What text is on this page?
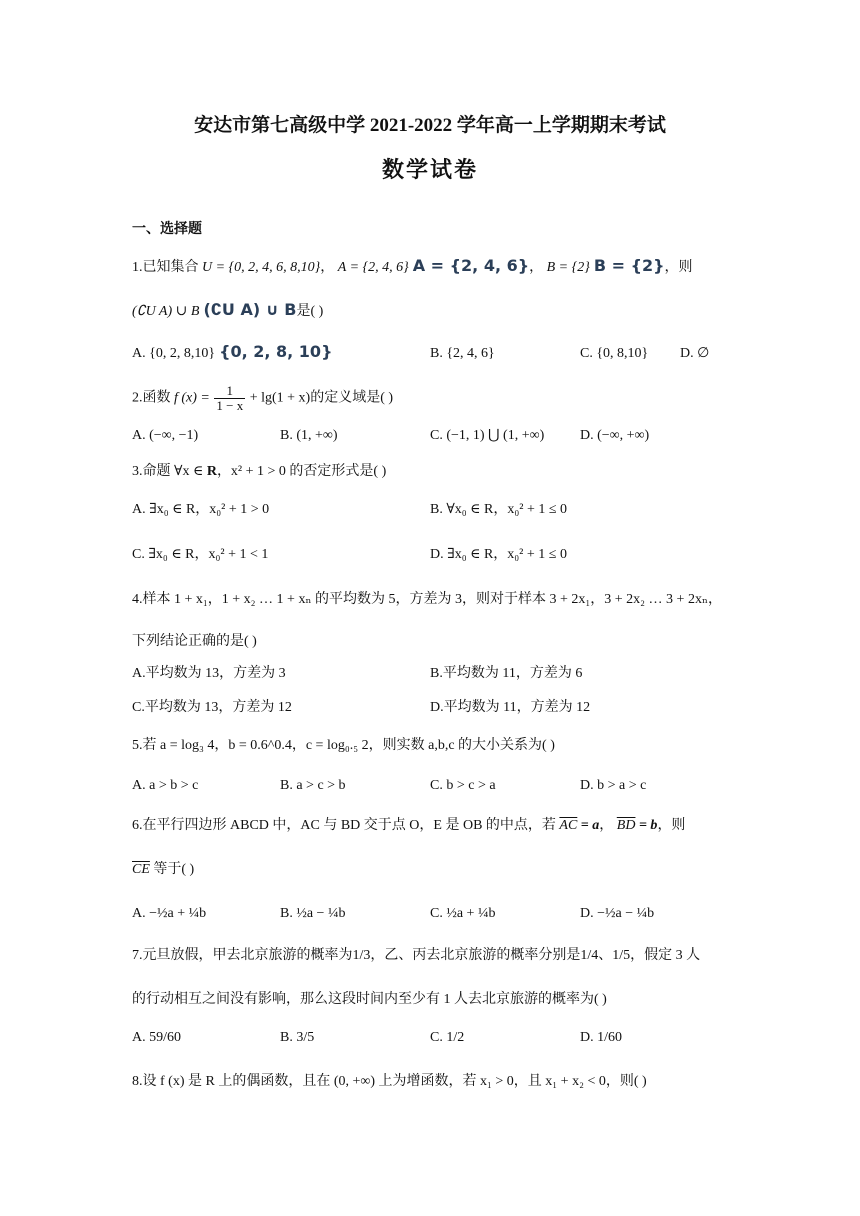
安达市第七高级中学 2021-2022 学年高一上学期期末考试
数学试卷
一、选择题
1.已知集合 U = {0, 2, 4, 6, 8,10}， A = {2, 4, 6} A = {2, 4, 6}， B = {2} B = {2}，则
(∁U A) ∪ B (∁U A) ∪ B是( )
A. {0, 2, 8,10} {0, 2, 8, 10}	B. {2, 4, 6}	C. {0, 8,10} D. ∅
2.函数 f $(x) = \frac{1}{1 - x} + \lg(1 + x)$的定义域是( )
A. (−∞, −1)	B. (1, +∞)	C. (−1, 1) ⋃ (1, +∞)	D. (−∞, +∞)
3.命题 ∀x ∈ R，x² + 1 > 0 的否定形式是( )
A. ∃x₀ ∈ R，x₀² + 1 > 0	B. ∀x₀ ∈ R，x₀² + 1 ≤ 0
C. ∃x₀ ∈ R，x₀² + 1 < 1	D. ∃x₀ ∈ R，x₀² + 1 ≤ 0
4.样本 1 + x₁，1 + x₂ … 1 + xₙ 的平均数为 5，方差为 3，则对于样本 3 + 2x₁，3 + 2x₂ … 3 + 2xₙ，
下列结论正确的是( )
A.平均数为 13，方差为 3	B.平均数为 11，方差为 6
C.平均数为 13，方差为 12	D.平均数为 11，方差为 12
5.若 a = log₃ 4，b = 0.6^0.4，c = log₀.₅ 2，则实数 a,b,c 的大小关系为( )
A. a > b > c	B. a > c > b	C. b > c > a	D. b > a > c
6.在平行四边形 ABCD 中，AC 与 BD 交于点 O，E 是 OB 的中点，若 $\overline{AC} = a$， $\overline{BD} = b$，则
$\overline{CE}$ 等于( )
A. −½a + ¼b	B. ½a − ¼b	C. ½a + ¼b	D. −½a − ¼b
7.元旦放假，甲去北京旅游的概率为1/3，乙、丙去北京旅游的概率分别是1/4、1/5，假定 3 人
的行动相互之间没有影响，那么这段时间内至少有 1 人去北京旅游的概率为( )
A. 59/60	B. 3/5	C. 1/2	D. 1/60
8.设 f (x) 是 R 上的偶函数，且在 (0, +∞) 上为增函数，若 x₁ > 0，且 x₁ + x₂ < 0，则( )
